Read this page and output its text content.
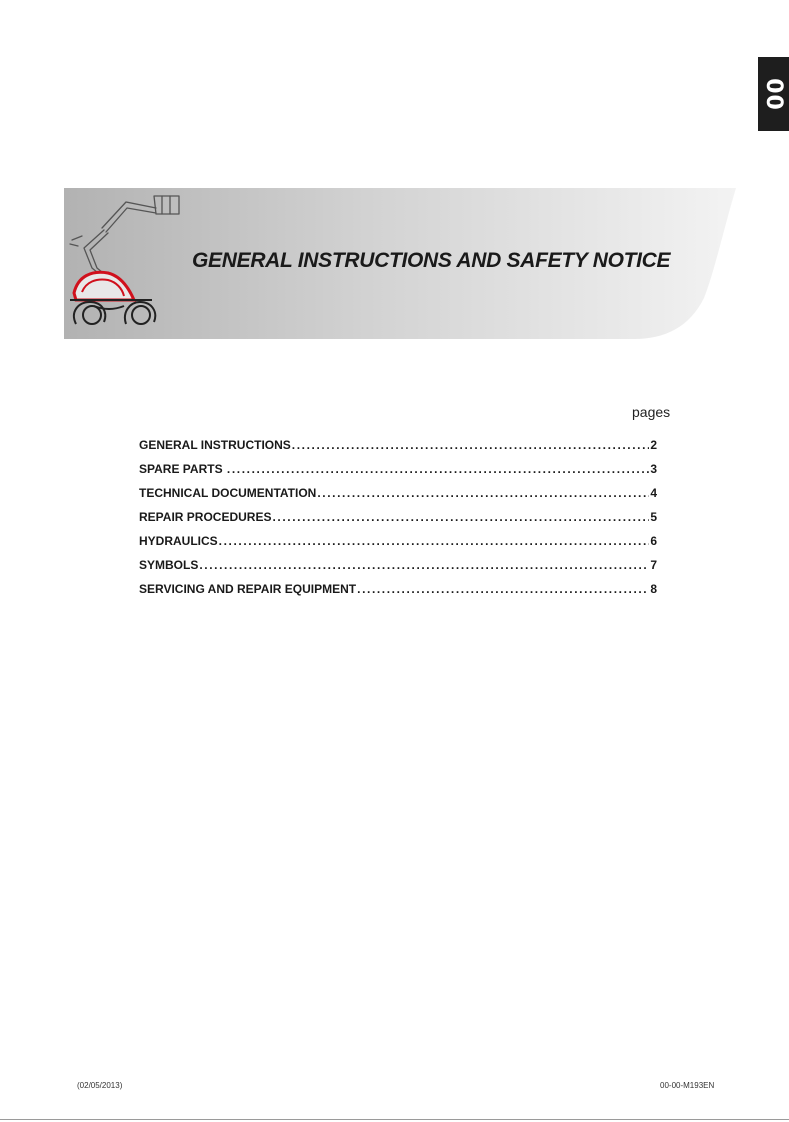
00
GENERAL INSTRUCTIONS AND SAFETY NOTICE
pages
GENERAL INSTRUCTIONS .....	2
SPARE PARTS .....	3
TECHNICAL DOCUMENTATION .....	4
REPAIR PROCEDURES .....	5
HYDRAULICS .....	6
SYMBOLS .....	7
SERVICING AND REPAIR EQUIPMENT .....	8
(02/05/2013)	00-00-M193EN
